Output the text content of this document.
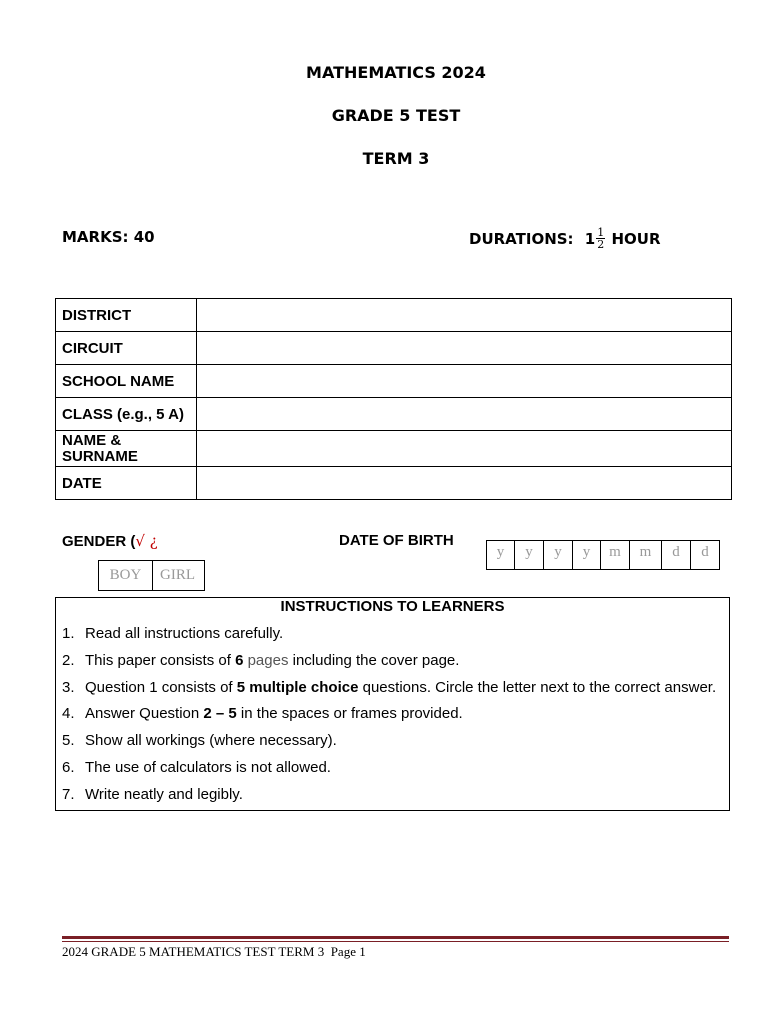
MATHEMATICS 2024
GRADE 5 TEST
TERM 3
MARKS: 40	DURATIONS: $1 \frac{1}{2}$ HOUR
DISTRICT	
CIRCUIT	
SCHOOL NAME	
CLASS (e.g., 5 A)	
NAME & SURNAME	
DATE	
GENDER (√ ¿
BOY	GIRL
DATE OF BIRTH
y	y	y	y	m	m	d	d
INSTRUCTIONS TO LEARNERS
1. Read all instructions carefully.
2. This paper consists of 6 pages including the cover page.
3. Question 1 consists of 5 multiple choice questions. Circle the letter next to the correct answer.
4. Answer Question 2 – 5 in the spaces or frames provided.
5. Show all workings (where necessary).
6. The use of calculators is not allowed.
7. Write neatly and legibly.
2024 GRADE 5 MATHEMATICS TEST TERM 3 Page 1
